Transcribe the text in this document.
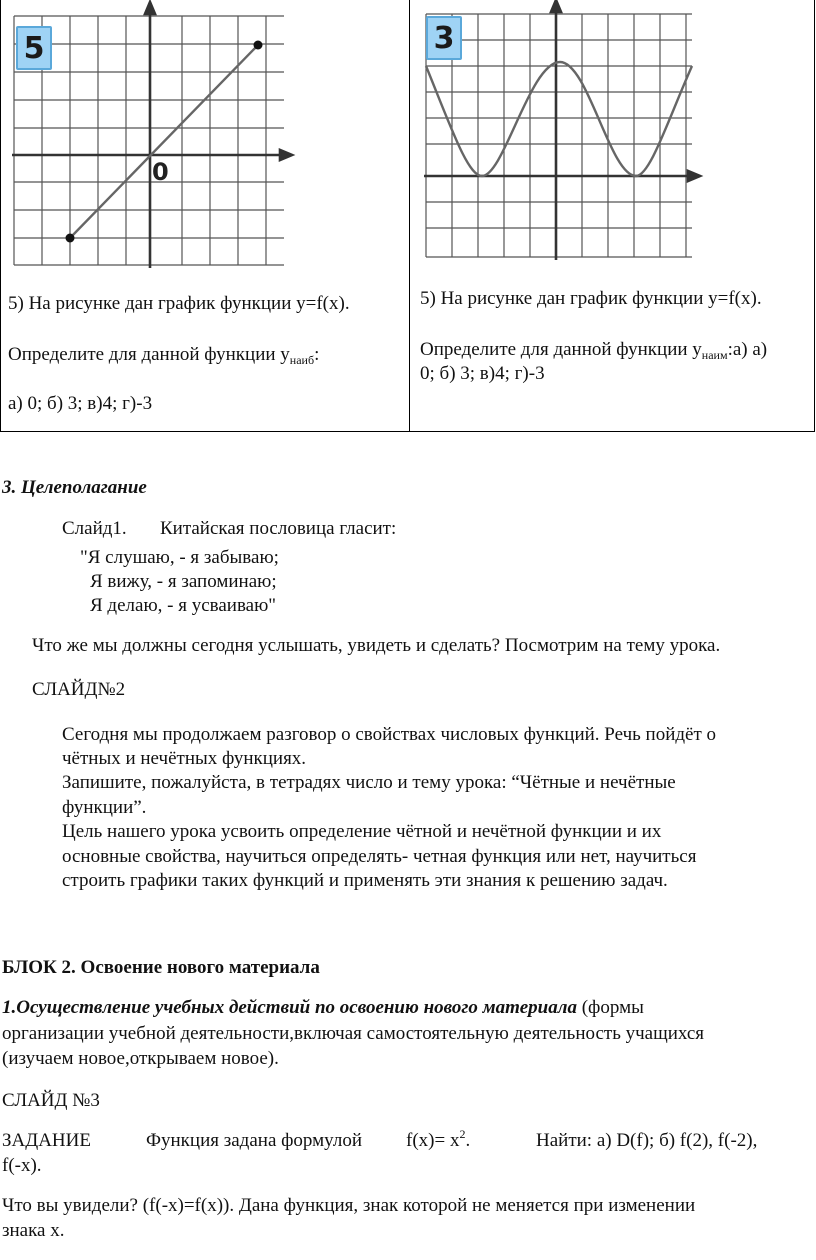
5
0
3
5) На рисунке дан график функции y=f(x).
Определите для данной функции $y_{наиб}$:
а) 0; б) 3; в)4; г)-3
5) На рисунке дан график функции y=f(x).
Определите для данной функции $y_{наим}:а$) а)
0; б) 3; в)4; г)-3
3. Целеполагание
Слайд1. Китайская пословица гласит:
"Я слушаю, - я забываю;
Я вижу, - я запоминаю;
Я делаю, - я усваиваю"
Что же мы должны сегодня услышать, увидеть и сделать? Посмотрим на тему урока.
СЛАЙД№2
Сегодня мы продолжаем разговор о свойствах числовых функций. Речь пойдёт о
чётных и нечётных функциях.
Запишите, пожалуйста, в тетрадях число и тему урока: “Чётные и нечётные
функции”.
Цель нашего урока усвоить определение чётной и нечётной функции и их
основные свойства, научиться определять- четная функция или нет, научиться
строить графики таких функций и применять эти знания к решению задач.
БЛОК 2. Освоение нового материала
1.Осуществление учебных действий по освоению нового материала (формы
организации учебной деятельности,включая самостоятельную деятельность учащихся
(изучаем новое,открываем новое).
СЛАЙД №3
ЗАДАНИЕ	Функция задана формулой $f(x)= x^2$.	Найти: а) D(f); б) f(2), f(-2),
f(-x).
Что вы увидели? (f(-x)=f(x)). Дана функция, знак которой не меняется при изменении
знака x.
